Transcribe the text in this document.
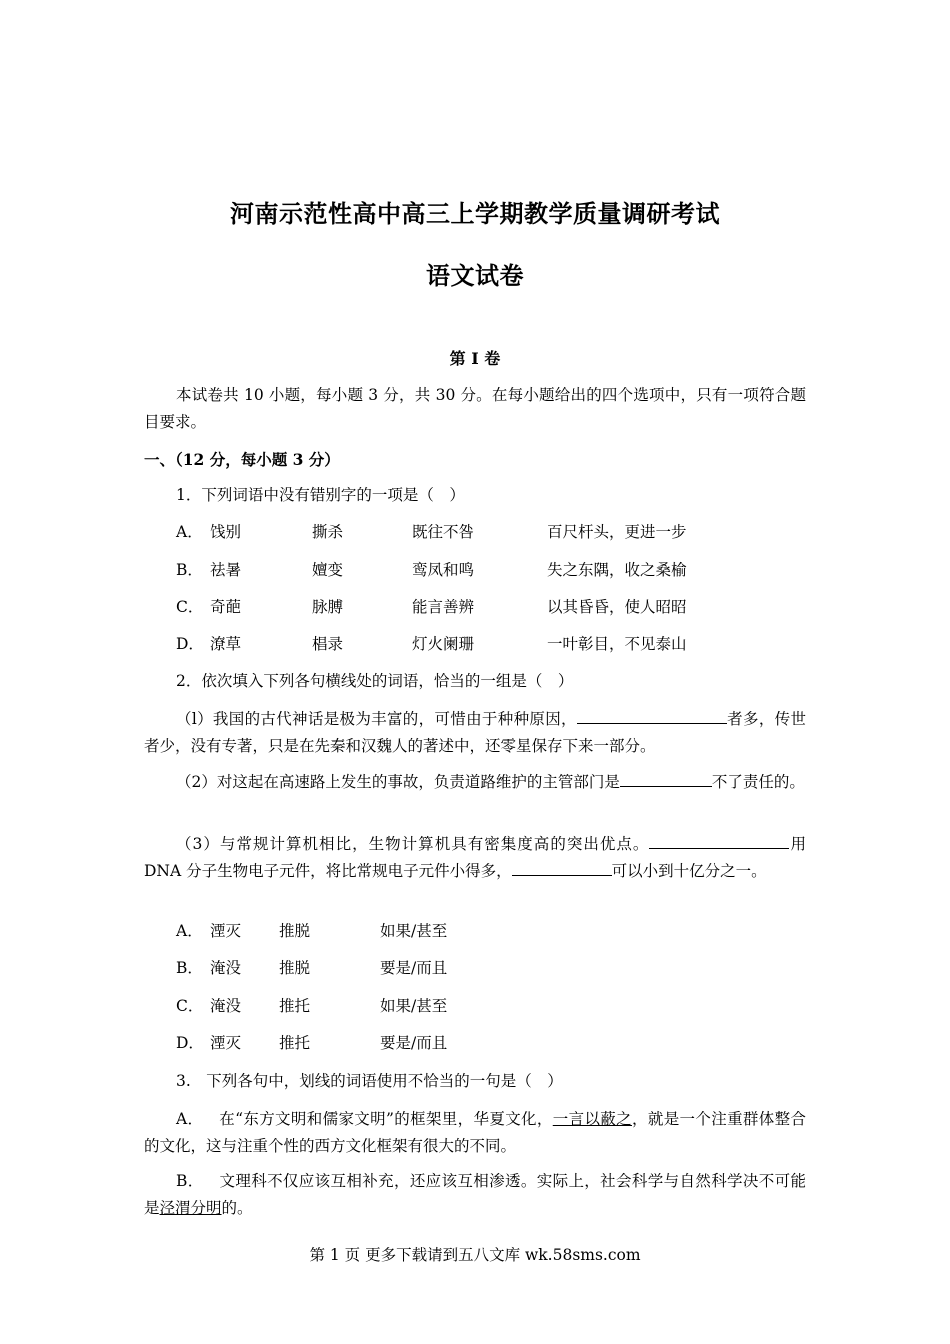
河南示范性高中高三上学期教学质量调研考试
语文试卷
第 I 卷
本试卷共 10 小题，每小题 3 分，共 30 分。在每小题给出的四个选项中，只有一项符合题目要求。
一、（12 分，每小题 3 分）
1．下列词语中没有错别字的一项是（　）
A． 饯别	撕杀	既往不咎	百尺杆头，更进一步
B． 祛暑	嬗变	鸾凤和鸣	失之东隅，收之桑榆
C． 奇葩	脉膊	能言善辨	以其昏昏，使人昭昭
D． 潦草	椙录	灯火阑珊	一叶彰目，不见泰山
2．依次填入下列各句横线处的词语，恰当的一组是（　）
（l）我国的古代神话是极为丰富的，可惜由于种种原因，	者多，传世者少，没有专著，只是在先秦和汉魏人的著述中，还零星保存下来一部分。
（2）对这起在高速路上发生的事故，负责道路维护的主管部门是	不了责任的。
（3）与常规计算机相比，生物计算机具有密集度高的突出优点。	用 DNA 分子生物电子元件，将比常规电子元件小得多，	可以小到十亿分之一。
A． 湮灭 推脱	如果/甚至
B． 淹没 推脱	要是/而且
C． 淹没 推托	如果/甚至
D． 湮灭 推托	要是/而且
3.　下列各句中，划线的词语使用不恰当的一句是（　）
A．  在“东方文明和儒家文明”的框架里，华夏文化，一言以蔽之，就是一个注重群体整合的文化，这与注重个性的西方文化框架有很大的不同。
B．  文理科不仅应该互相补充，还应该互相渗透。实际上，社会科学与自然科学决不可能是泾渭分明的。
第 1 页 更多下载请到五八文库 wk.58sms.com
